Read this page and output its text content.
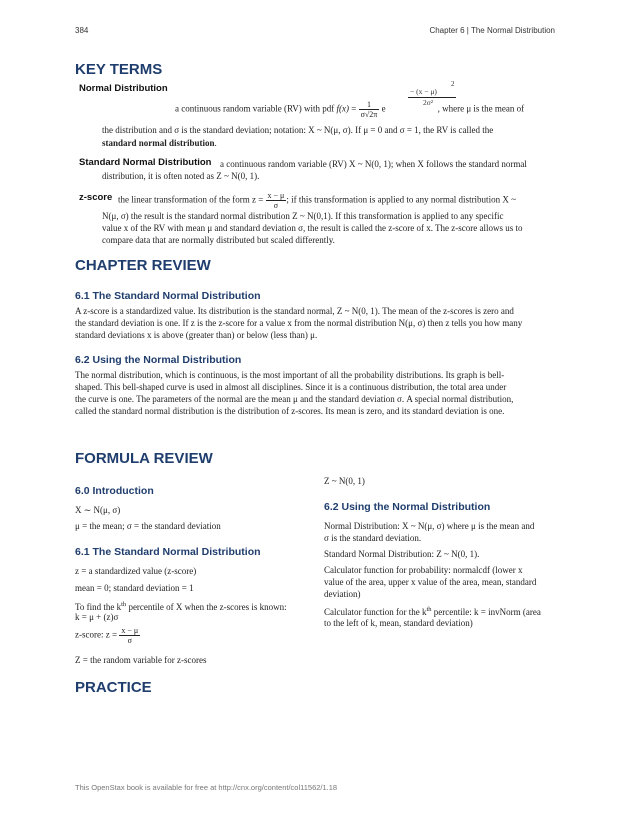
384	Chapter 6 | The Normal Distribution
KEY TERMS
Normal Distribution	− (x − μ)
2
2σ²
a continuous random variable (RV) with pdf $f(x) = \frac{1}{\sigma√2\pi}$ e	, where μ is the mean of
the distribution and σ is the standard deviation; notation: X ~ N(μ, σ). If μ = 0 and σ = 1, the RV is called the
standard normal distribution.
Standard Normal Distribution a continuous random variable (RV) X ~ N(0, 1); when X follows the standard normal
distribution, it is often noted as Z ~ N(0, 1).
z-score the linear transformation of the form $z = \frac{x - \mu}{\sigma}$ ; if this transformation is applied to any normal distribution X ~
N(μ, σ) the result is the standard normal distribution Z ~ N(0,1). If this transformation is applied to any specific
value x of the RV with mean μ and standard deviation σ, the result is called the z-score of x. The z-score allows us to
compare data that are normally distributed but scaled differently.
CHAPTER REVIEW
6.1 The Standard Normal Distribution
A z-score is a standardized value. Its distribution is the standard normal, Z ~ N(0, 1). The mean of the z-scores is zero and
the standard deviation is one. If z is the z-score for a value x from the normal distribution N(μ, σ) then z tells you how many
standard deviations x is above (greater than) or below (less than) μ.
6.2 Using the Normal Distribution
The normal distribution, which is continuous, is the most important of all the probability distributions. Its graph is bell-
shaped. This bell-shaped curve is used in almost all disciplines. Since it is a continuous distribution, the total area under
the curve is one. The parameters of the normal are the mean μ and the standard deviation σ. A special normal distribution,
called the standard normal distribution is the distribution of z-scores. Its mean is zero, and its standard deviation is one.
FORMULA REVIEW
6.0 Introduction
X ∼ N(μ, σ)
μ = the mean; σ = the standard deviation
6.1 The Standard Normal Distribution
z = a standardized value (z-score)
mean = 0; standard deviation = 1
To find the $k^{th}$ percentile of X when the z-scores is known:
k = μ + (z)σ
z-score: $z = \frac{x - \mu}{\sigma}$
Z = the random variable for z-scores
Z ~ N(0, 1)
6.2 Using the Normal Distribution
Normal Distribution: X ~ N(μ, σ) where μ is the mean and
σ is the standard deviation.
Standard Normal Distribution: Z ~ N(0, 1).
Calculator function for probability: normalcdf (lower x
value of the area, upper x value of the area, mean, standard
deviation)
Calculator function for the $k^{th}$ percentile: k = invNorm (area
to the left of k, mean, standard deviation)
PRACTICE
This OpenStax book is available for free at http://cnx.org/content/col11562/1.18
